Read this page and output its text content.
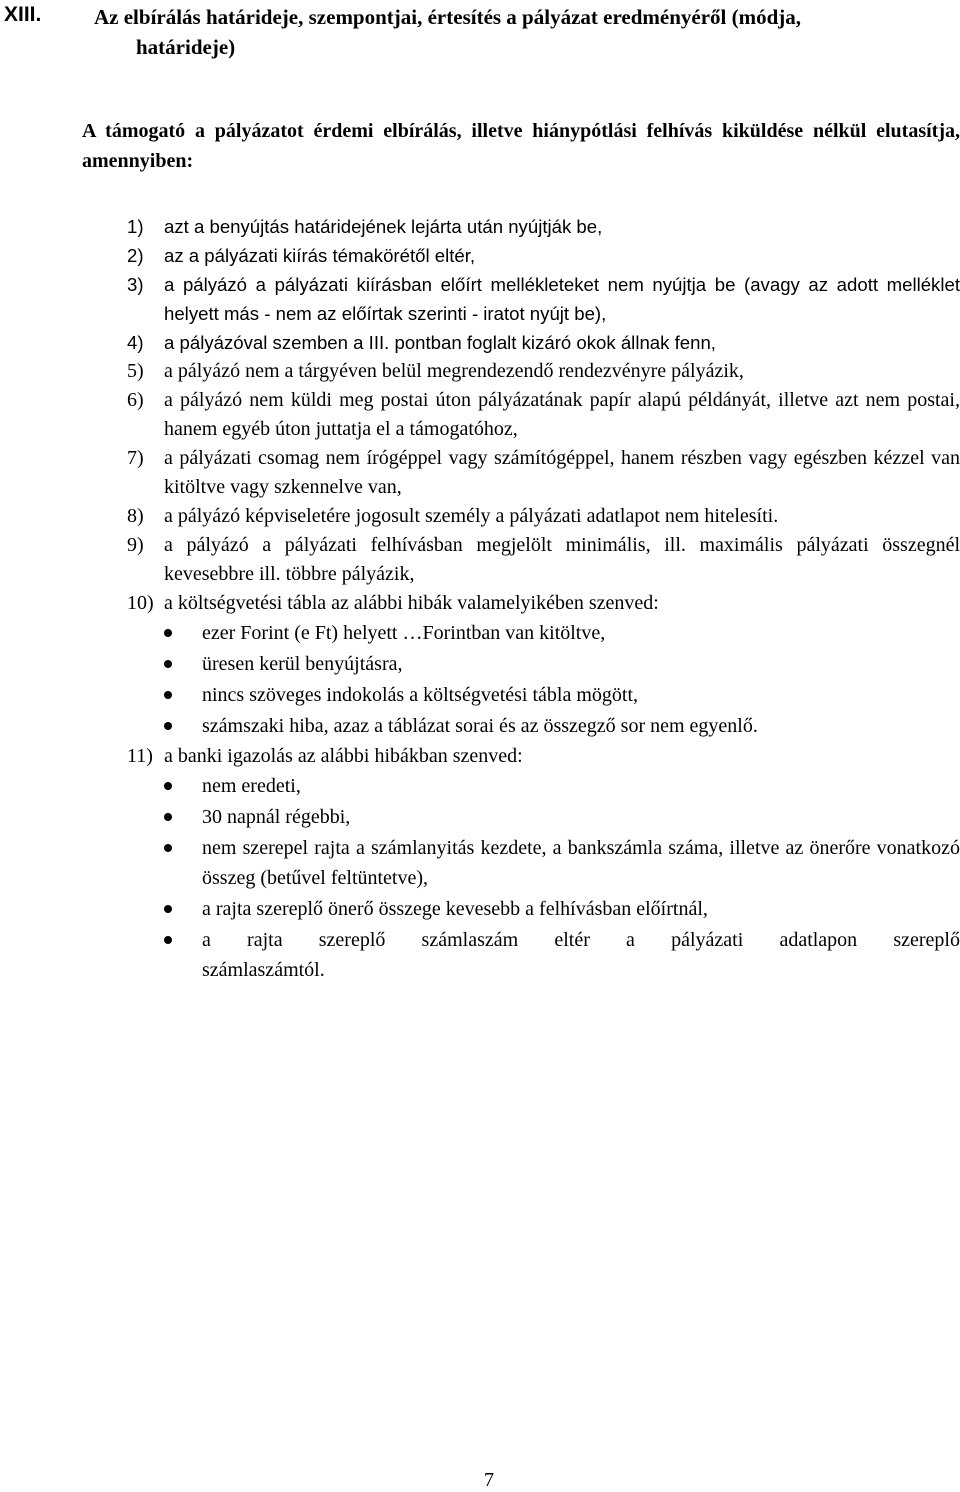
XIII.	Az elbírálás határideje, szempontjai, értesítés a pályázat eredményéről (módja,
határideje)
A támogató a pályázatot érdemi elbírálás, illetve hiánypótlási felhívás kiküldése nélkül elutasítja, amennyiben:
1) azt a benyújtás határidejének lejárta után nyújtják be,
2) az a pályázati kiírás témakörétől eltér,
3) a pályázó a pályázati kiírásban előírt mellékleteket nem nyújtja be (avagy az adott melléklet helyett más - nem az előírtak szerinti - iratot nyújt be),
4) a pályázóval szemben a III. pontban foglalt kizáró okok állnak fenn,
5) a pályázó nem a tárgyéven belül megrendezendő rendezvényre pályázik,
6) a pályázó nem küldi meg postai úton pályázatának papír alapú példányát, illetve azt nem postai, hanem egyéb úton juttatja el a támogatóhoz,
7) a pályázati csomag nem írógéppel vagy számítógéppel, hanem részben vagy egészben kézzel van kitöltve vagy szkennelve van,
8) a pályázó képviseletére jogosult személy a pályázati adatlapot nem hitelesíti.
9) a pályázó a pályázati felhívásban megjelölt minimális, ill. maximális pályázati összegnél kevesebbre ill. többre pályázik,
10) a költségvetési tábla az alábbi hibák valamelyikében szenved:
ezer Forint (e Ft) helyett …Forintban van kitöltve,
üresen kerül benyújtásra,
nincs szöveges indokolás a költségvetési tábla mögött,
számszaki hiba, azaz a táblázat sorai és az összegző sor nem egyenlő.
11) a banki igazolás az alábbi hibákban szenved:
nem eredeti,
30 napnál régebbi,
nem szerepel rajta a számlanyitás kezdete, a bankszámla száma, illetve az önerőre vonatkozó összeg (betűvel feltüntetve),
a rajta szereplő önerő összege kevesebb a felhívásban előírtnál,
a rajta szereplő számlaszám eltér a pályázati adatlapon szereplő
számlaszámtól.
7
